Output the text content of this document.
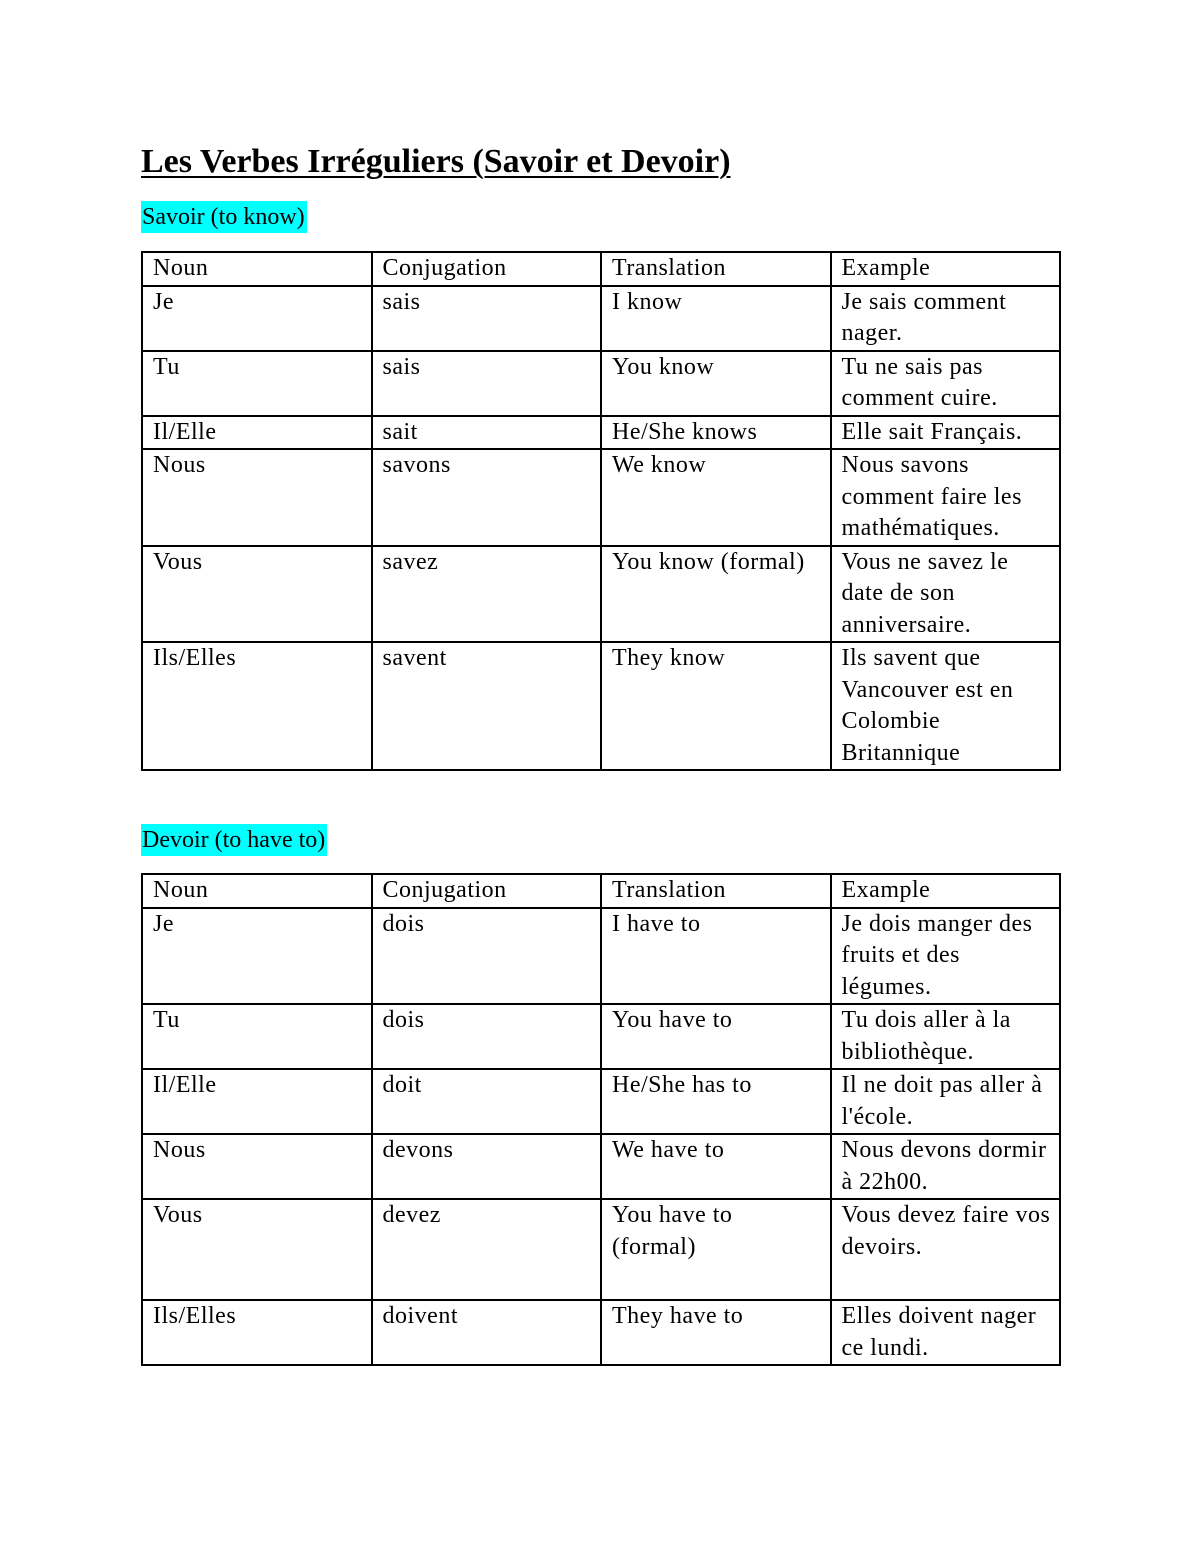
Les Verbes Irréguliers (Savoir et Devoir)
Savoir (to know)
Noun	Conjugation	Translation	Example
Je	sais	I know	Je sais comment nager.
Tu	sais	You know	Tu ne sais pas comment cuire.
Il/Elle	sait	He/She knows	Elle sait Français.
Nous	savons	We know	Nous savons comment faire les mathématiques.
Vous	savez	You know (formal)	Vous ne savez le date de son anniversaire.
Ils/Elles	savent	They know	Ils savent que Vancouver est en Colombie Britannique
Devoir (to have to)
Noun	Conjugation	Translation	Example
Je	dois	I have to	Je dois manger des fruits et des légumes.
Tu	dois	You have to	Tu dois aller à la bibliothèque.
Il/Elle	doit	He/She has to	Il ne doit pas aller à l'école.
Nous	devons	We have to	Nous devons dormir à 22h00.
Vous	devez	You have to (formal)	Vous devez faire vos devoirs.
Ils/Elles	doivent	They have to	Elles doivent nager ce lundi.
